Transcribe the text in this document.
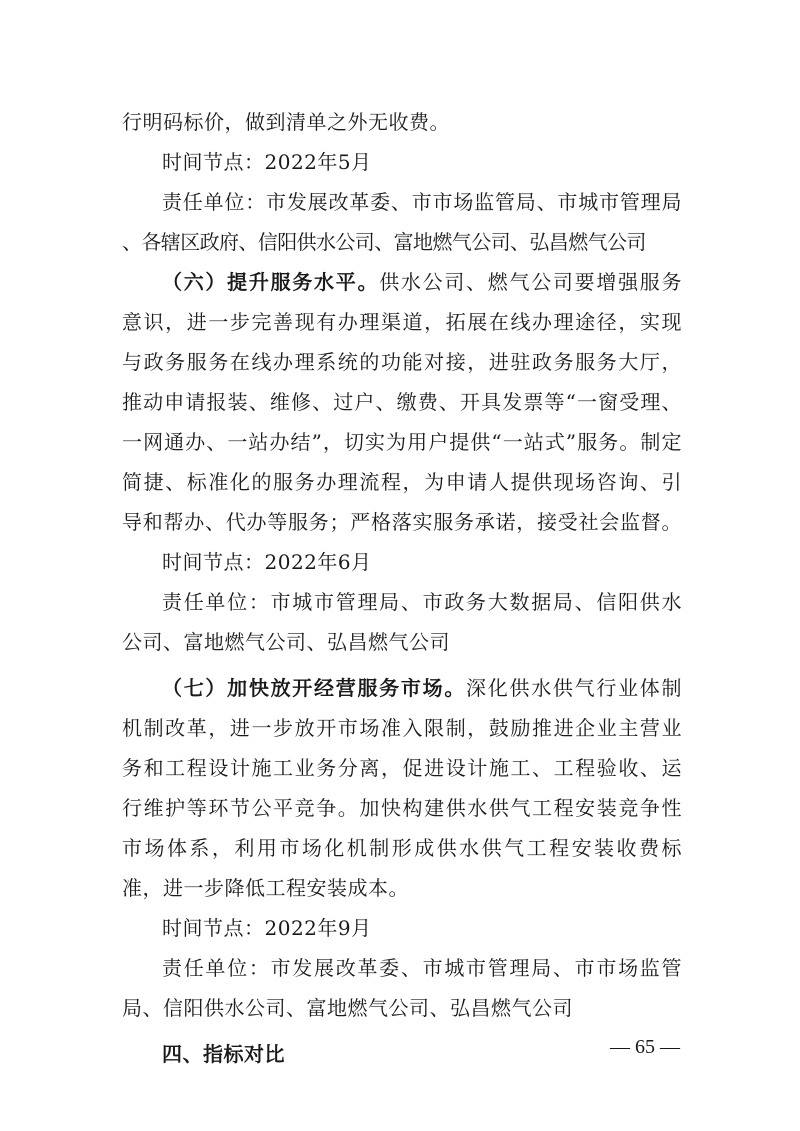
行明码标价，做到清单之外无收费。
时间节点：2022年5月
责任单位：市发展改革委、市市场监管局、市城市管理局
、各辖区政府、信阳供水公司、富地燃气公司、弘昌燃气公司
（六）提升服务水平。供水公司、燃气公司要增强服务
意识，进一步完善现有办理渠道，拓展在线办理途径，实现
与政务服务在线办理系统的功能对接，进驻政务服务大厅，
推动申请报装、维修、过户、缴费、开具发票等“一窗受理、
一网通办、一站办结”，切实为用户提供“一站式”服务。制定
简捷、标准化的服务办理流程，为申请人提供现场咨询、引
导和帮办、代办等服务；严格落实服务承诺，接受社会监督。
时间节点：2022年6月
责任单位：市城市管理局、市政务大数据局、信阳供水
公司、富地燃气公司、弘昌燃气公司
（七）加快放开经营服务市场。深化供水供气行业体制
机制改革，进一步放开市场准入限制，鼓励推进企业主营业
务和工程设计施工业务分离，促进设计施工、工程验收、运
行维护等环节公平竞争。加快构建供水供气工程安装竞争性
市场体系，利用市场化机制形成供水供气工程安装收费标
准，进一步降低工程安装成本。
时间节点：2022年9月
责任单位：市发展改革委、市城市管理局、市市场监管
局、信阳供水公司、富地燃气公司、弘昌燃气公司
四、指标对比	— 65 —
